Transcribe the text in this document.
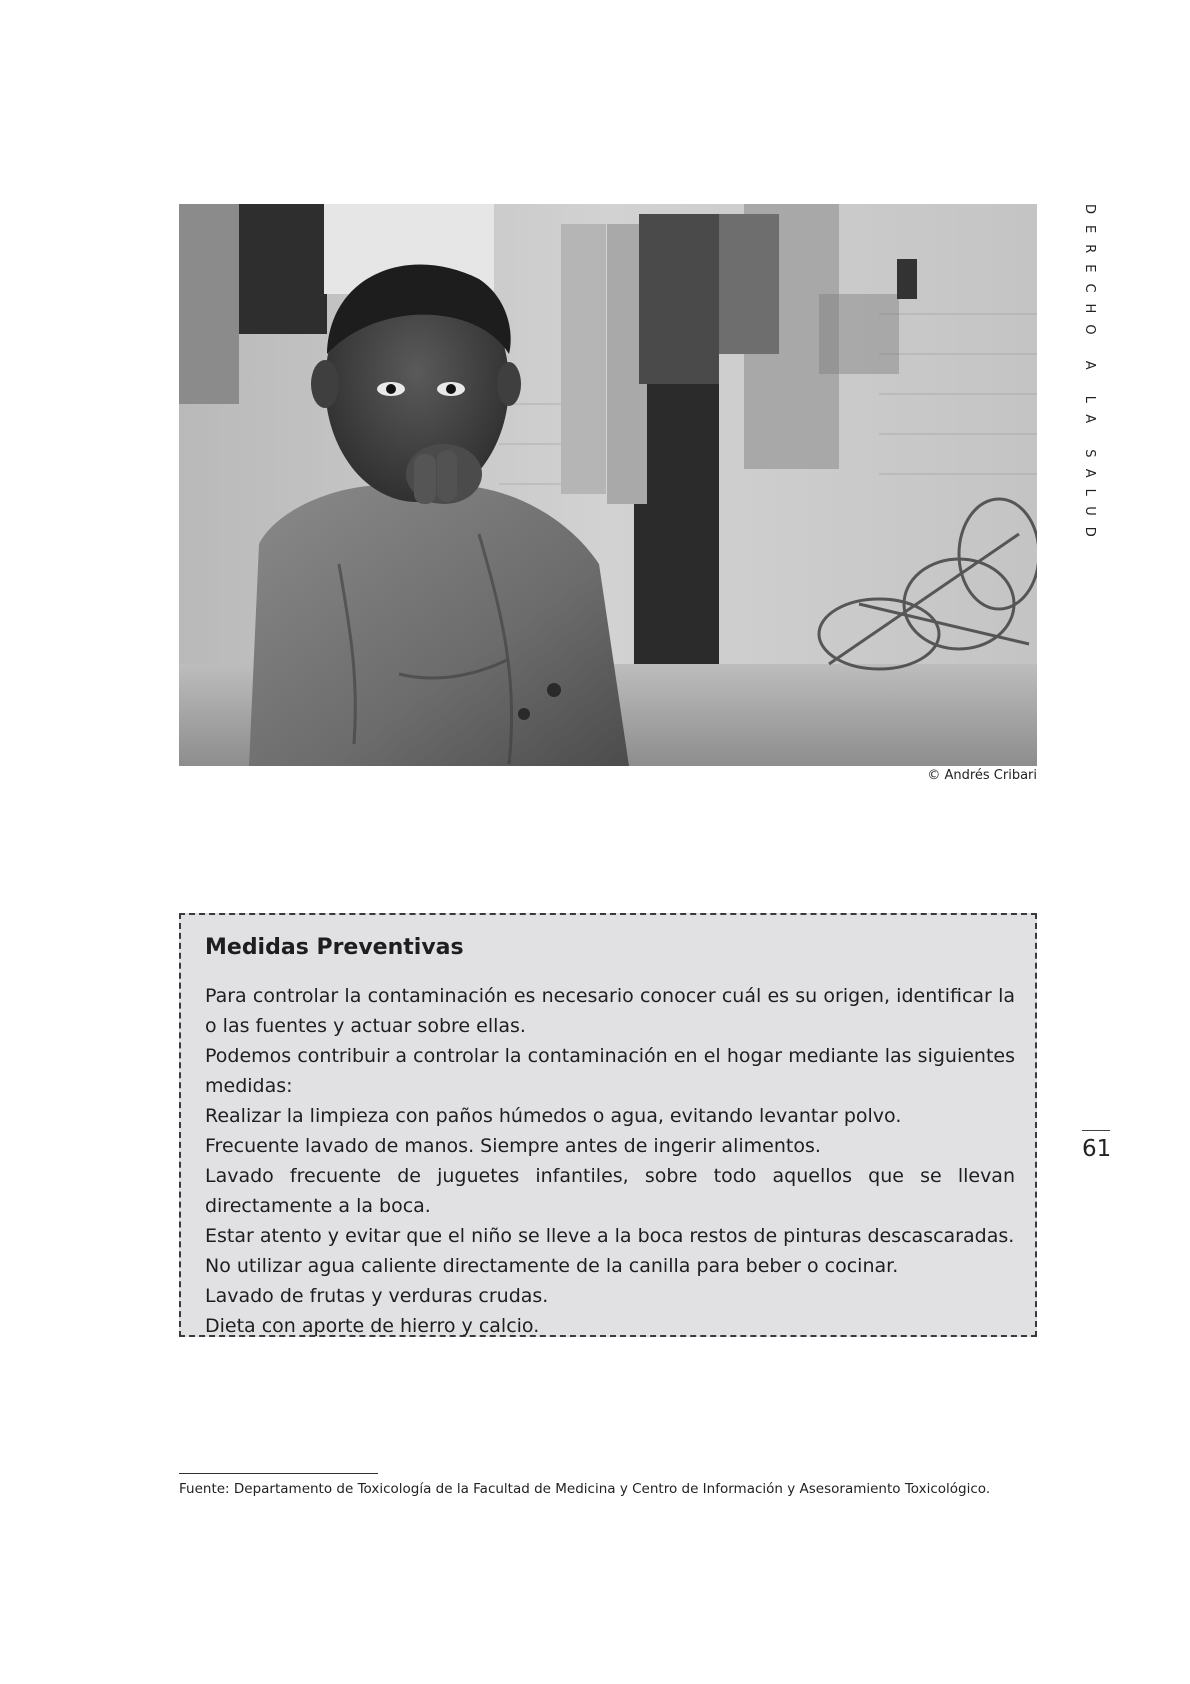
© Andrés Cribari
DERECHO A LA SALUD
61
Medidas Preventivas
Para controlar la contaminación es necesario conocer cuál es su origen, identificar la o las fuentes y actuar sobre ellas.
Podemos contribuir a controlar la contaminación en el hogar mediante las siguientes medidas:
Realizar la limpieza con paños húmedos o agua, evitando levantar polvo.
Frecuente lavado de manos. Siempre antes de ingerir alimentos.
Lavado frecuente de juguetes infantiles, sobre todo aquellos que se llevan directamente a la boca.
Estar atento y evitar que el niño se lleve a la boca restos de pinturas descascaradas.
No utilizar agua caliente directamente de la canilla para beber o cocinar.
Lavado de frutas y verduras crudas.
Dieta con aporte de hierro y calcio.
Fuente: Departamento de Toxicología de la Facultad de Medicina y Centro de Información y Asesoramiento Toxicológico.
